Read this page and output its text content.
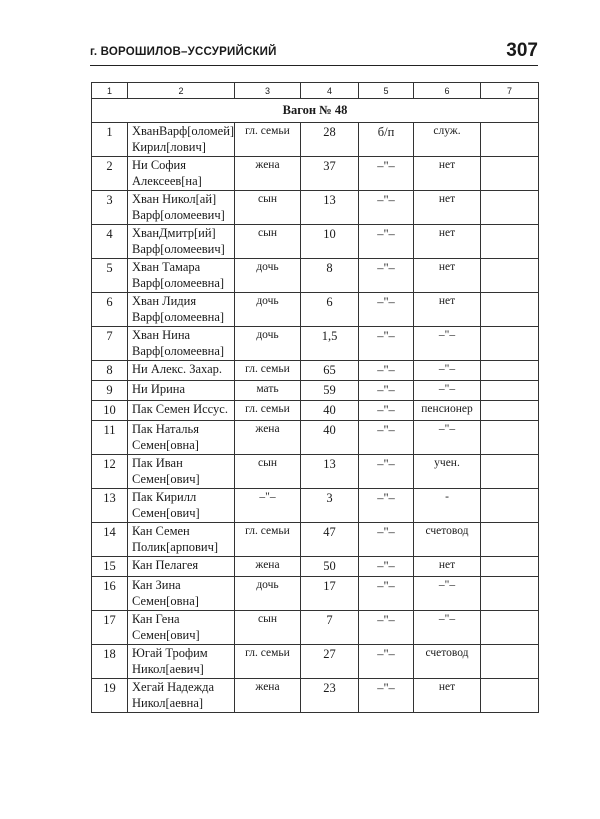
г. ВОРОШИЛОВ–УССУРИЙСКИЙ	307
1	2	3	4	5	6	7
Вагон № 48						
1	ХванВарф[оломей]
Кирил[лович]	гл. семьи	28	б/п	служ.	
2	Ни София
Алексеев[на]	жена	37	–"–	нет	
3	Хван Никол[ай]
Варф[оломеевич]	сын	13	–"–	нет	
4	ХванДмитр[ий]
Варф[оломеевич]	сын	10	–"–	нет	
5	Хван Тамара
Варф[оломеевна]	дочь	8	–"–	нет	
6	Хван Лидия
Варф[оломеевна]	дочь	6	–"–	нет	
7	Хван Нина
Варф[оломеевна]	дочь	1,5	–"–	–"–	
8	Ни Алекс. Захар.	гл. семьи	65	–"–	–"–	
9	Ни Ирина	мать	59	–"–	–"–	
10	Пак Семен Иссус.	гл. семьи	40	–"–	пенсионер	
11	Пак Наталья
Семен[овна]	жена	40	–"–	–"–	
12	Пак Иван
Семен[ович]	сын	13	–"–	учен.	
13	Пак Кирилл
Семен[ович]	–"–	3	–"–	-	
14	Кан Семен
Полик[арпович]	гл. семьи	47	–"–	счетовод	
15	Кан Пелагея	жена	50	–"–	нет	
16	Кан Зина
Семен[овна]	дочь	17	–"–	–"–	
17	Кан Гена
Семен[ович]	сын	7	–"–	–"–	
18	Югай Трофим
Никол[аевич]	гл. семьи	27	–"–	счетовод	
19	Хегай Надежда
Никол[аевна]	жена	23	–"–	нет	
